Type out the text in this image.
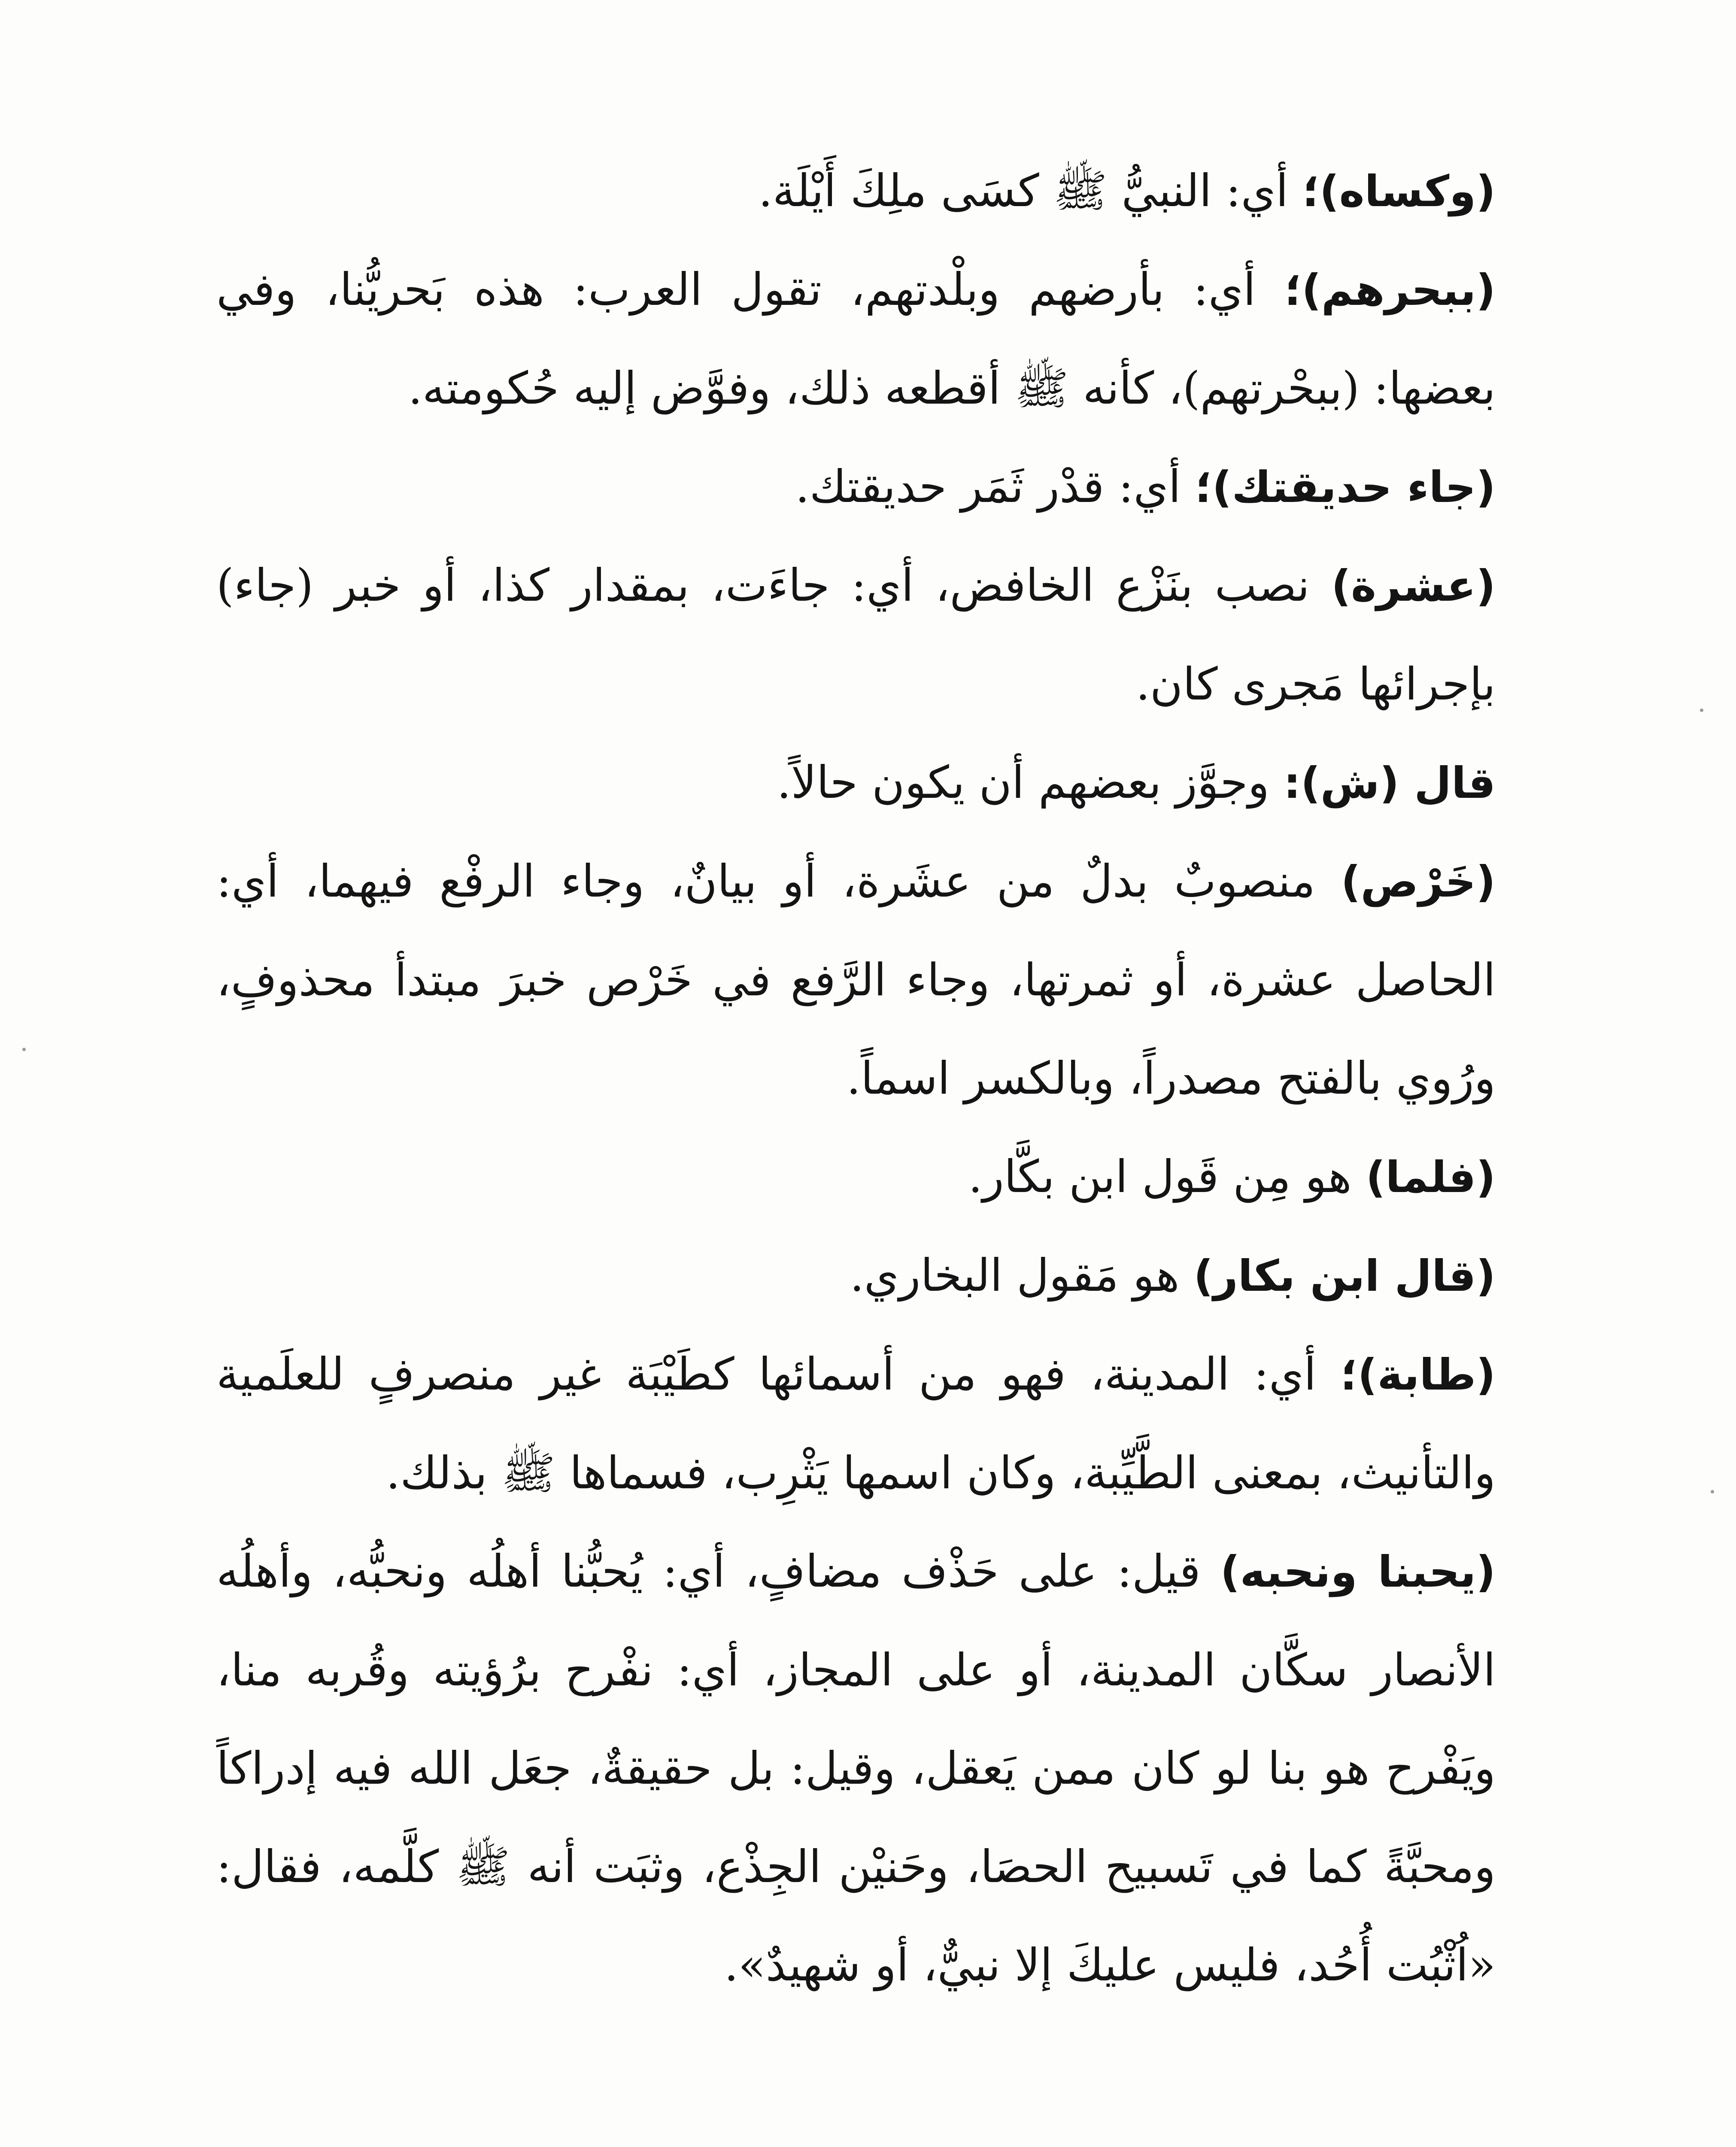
(وكساه)؛ أي: النبيُّ ﷺ كسَى ملِكَ أَيْلَة.

(ببحرهم)؛ أي: بأرضهم وبلْدتهم، تقول العرب: هذه بَحريُّنا، وفي بعضها: (ببحْرتهم)، كأنه ﷺ أقطعه ذلك، وفوَّض إليه حُكومته.

(جاء حديقتك)؛ أي: قدْر ثَمَر حديقتك.

(عشرة) نصب بنَزْع الخافض، أي: جاءَت، بمقدار كذا، أو خبر (جاء) بإجرائها مَجرى كان.

قال (ش): وجوَّز بعضهم أن يكون حالاً.

(خَرْص) منصوبٌ بدلٌ من عشَرة، أو بيانٌ، وجاء الرفْع فيهما، أي: الحاصل عشرة، أو ثمرتها، وجاء الرَّفع في خَرْص خبرَ مبتدأ محذوفٍ، ورُوي بالفتح مصدراً، وبالكسر اسماً.

(فلما) هو مِن قَول ابن بكَّار.

(قال ابن بكار) هو مَقول البخاري.

(طابة)؛ أي: المدينة، فهو من أسمائها كطَيْبَة غير منصرفٍ للعلَمية والتأنيث، بمعنى الطَّيِّبة، وكان اسمها يَثْرِب، فسماها ﷺ بذلك.

(يحبنا ونحبه) قيل: على حَذْف مضافٍ، أي: يُحبُّنا أهلُه ونحبُّه، وأهلُه الأنصار سكَّان المدينة، أو على المجاز، أي: نفْرح برُؤيته وقُربه منا، ويَفْرح هو بنا لو كان ممن يَعقل، وقيل: بل حقيقةٌ، جعَل الله فيه إدراكاً ومحبَّةً كما في تَسبيح الحصَا، وحَنيْن الجِذْع، وثبَت أنه ﷺ كلَّمه، فقال: «اُثْبُت أُحُد، فليس عليكَ إلا نبيٌّ، أو شهيدٌ».
